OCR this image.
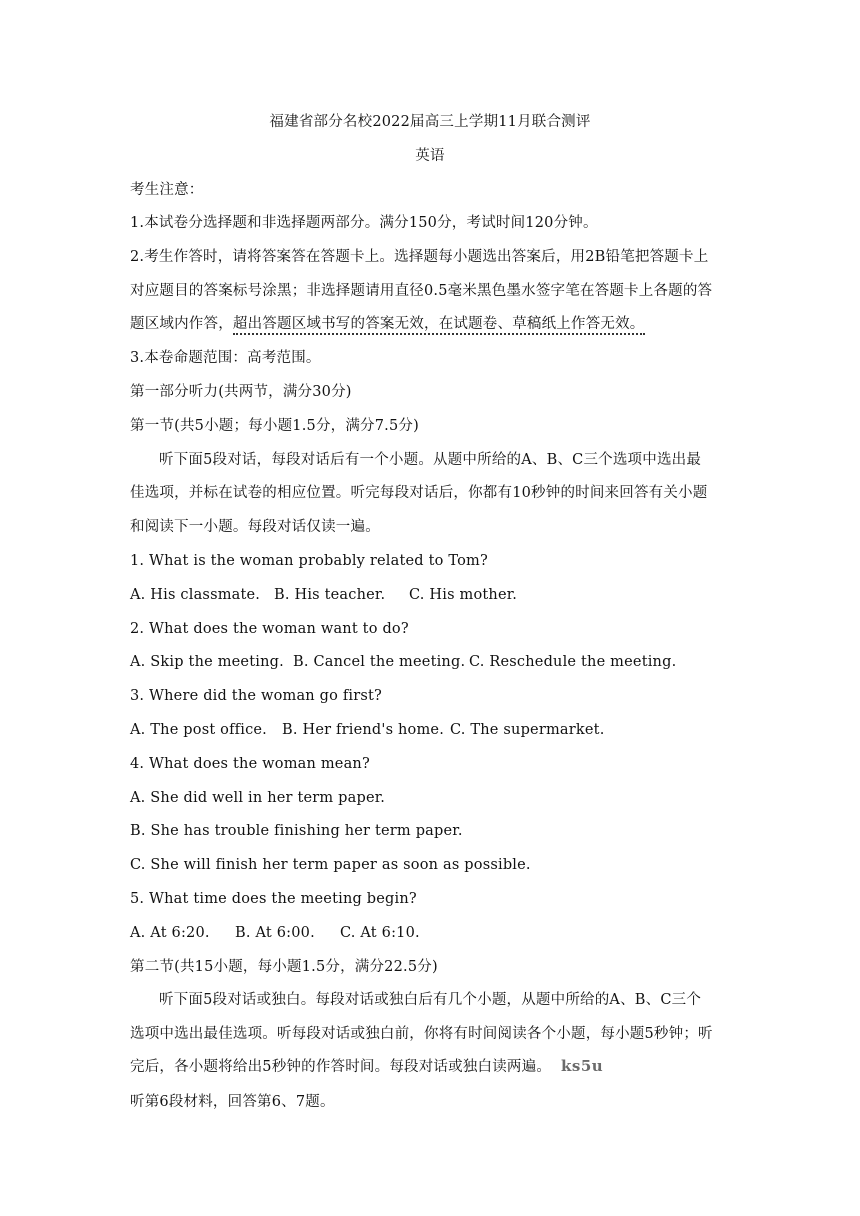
福建省部分名校2022届高三上学期11月联合测评
英语
考生注意：
1.本试卷分选择题和非选择题两部分。满分150分，考试时间120分钟。
2.考生作答时，请将答案答在答题卡上。选择题每小题选出答案后，用2B铅笔把答题卡上
对应题目的答案标号涂黑；非选择题请用直径0.5毫米黑色墨水签字笔在答题卡上各题的答
题区域内作答，超出答题区域书写的答案无效，在试题卷、草稿纸上作答无效。
3.本卷命题范围：高考范围。
第一部分听力(共两节，满分30分)
第一节(共5小题；每小题1.5分，满分7.5分)
听下面5段对话，每段对话后有一个小题。从题中所给的A、B、C三个选项中选出最
佳选项，并标在试卷的相应位置。听完每段对话后，你都有10秒钟的时间来回答有关小题
和阅读下一小题。每段对话仅读一遍。
1. What is the woman probably related to Tom?
A. His classmate. B. His teacher. C. His mother.
2. What does the woman want to do?
A. Skip the meeting. B. Cancel the meeting. C. Reschedule the meeting.
3. Where did the woman go first?
A. The post office. B. Her friend's home. C. The supermarket.
4. What does the woman mean?
A. She did well in her term paper.
B. She has trouble finishing her term paper.
C. She will finish her term paper as soon as possible.
5. What time does the meeting begin?
A. At 6:20. B. At 6:00. C. At 6:10.
第二节(共15小题，每小题1.5分，满分22.5分)
听下面5段对话或独白。每段对话或独白后有几个小题，从题中所给的A、B、C三个
选项中选出最佳选项。听每段对话或独白前，你将有时间阅读各个小题，每小题5秒钟；听
完后，各小题将给出5秒钟的作答时间。每段对话或独白读两遍。 ks5u
听第6段材料，回答第6、7题。
